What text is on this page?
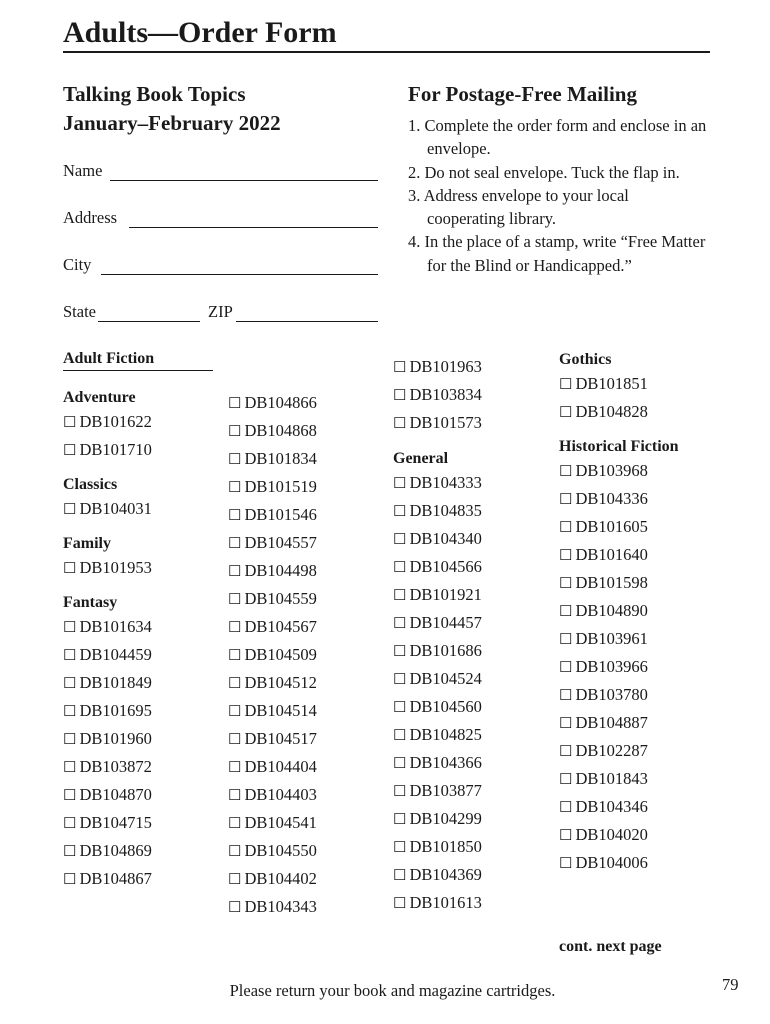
Adults—Order Form
Talking Book Topics
January–February 2022
Name
Address
City
State	ZIP
For Postage-Free Mailing
1. Complete the order form and enclose in an envelope.
2. Do not seal envelope. Tuck the flap in.
3. Address envelope to your local cooperating library.
4. In the place of a stamp, write “Free Matter for the Blind or Handicapped.”
Adult Fiction
Adventure
☐ DB101622
☐ DB101710
Classics
☐ DB104031
Family
☐ DB101953
Fantasy
☐ DB101634
☐ DB104459
☐ DB101849
☐ DB101695
☐ DB101960
☐ DB103872
☐ DB104870
☐ DB104715
☐ DB104869
☐ DB104867
☐ DB104866
☐ DB104868
☐ DB101834
☐ DB101519
☐ DB101546
☐ DB104557
☐ DB104498
☐ DB104559
☐ DB104567
☐ DB104509
☐ DB104512
☐ DB104514
☐ DB104517
☐ DB104404
☐ DB104403
☐ DB104541
☐ DB104550
☐ DB104402
☐ DB104343
☐ DB101963
☐ DB103834
☐ DB101573
General
☐ DB104333
☐ DB104835
☐ DB104340
☐ DB104566
☐ DB101921
☐ DB104457
☐ DB101686
☐ DB104524
☐ DB104560
☐ DB104825
☐ DB104366
☐ DB103877
☐ DB104299
☐ DB101850
☐ DB104369
☐ DB101613
Gothics
☐ DB101851
☐ DB104828
Historical Fiction
☐ DB103968
☐ DB104336
☐ DB101605
☐ DB101640
☐ DB101598
☐ DB104890
☐ DB103961
☐ DB103966
☐ DB103780
☐ DB104887
☐ DB102287
☐ DB101843
☐ DB104346
☐ DB104020
☐ DB104006
cont. next page
Please return your book and magazine cartridges.	79
